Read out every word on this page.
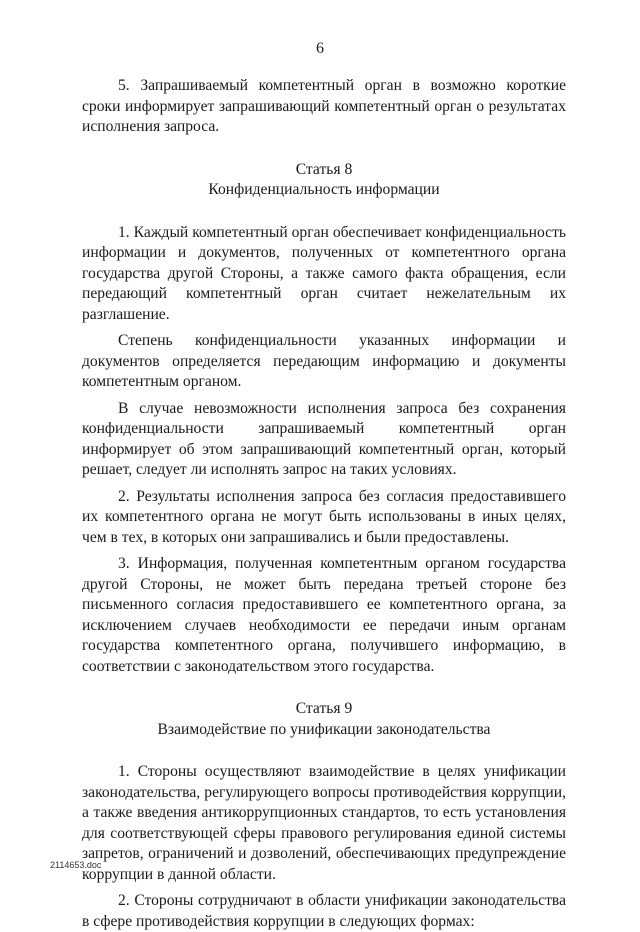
6

5. Запрашиваемый компетентный орган в возможно короткие сроки информирует запрашивающий компетентный орган о результатах исполнения запроса.

Статья 8
Конфиденциальность информации

1. Каждый компетентный орган обеспечивает конфиденциальность информации и документов, полученных от компетентного органа государства другой Стороны, а также самого факта обращения, если передающий компетентный орган считает нежелательным их разглашение.

Степень конфиденциальности указанных информации и документов определяется передающим информацию и документы компетентным органом.

В случае невозможности исполнения запроса без сохранения конфиденциальности запрашиваемый компетентный орган информирует об этом запрашивающий компетентный орган, который решает, следует ли исполнять запрос на таких условиях.

2. Результаты исполнения запроса без согласия предоставившего их компетентного органа не могут быть использованы в иных целях, чем в тех, в которых они запрашивались и были предоставлены.

3. Информация, полученная компетентным органом государства другой Стороны, не может быть передана третьей стороне без письменного согласия предоставившего ее компетентного органа, за исключением случаев необходимости ее передачи иным органам государства компетентного органа, получившего информацию, в соответствии с законодательством этого государства.

Статья 9
Взаимодействие по унификации законодательства

1. Стороны осуществляют взаимодействие в целях унификации законодательства, регулирующего вопросы противодействия коррупции, а также введения антикоррупционных стандартов, то есть установления для соответствующей сферы правового регулирования единой системы запретов, ограничений и дозволений, обеспечивающих предупреждение коррупции в данной области.

2. Стороны сотрудничают в области унификации законодательства в сфере противодействия коррупции в следующих формах:

2114653.doc
